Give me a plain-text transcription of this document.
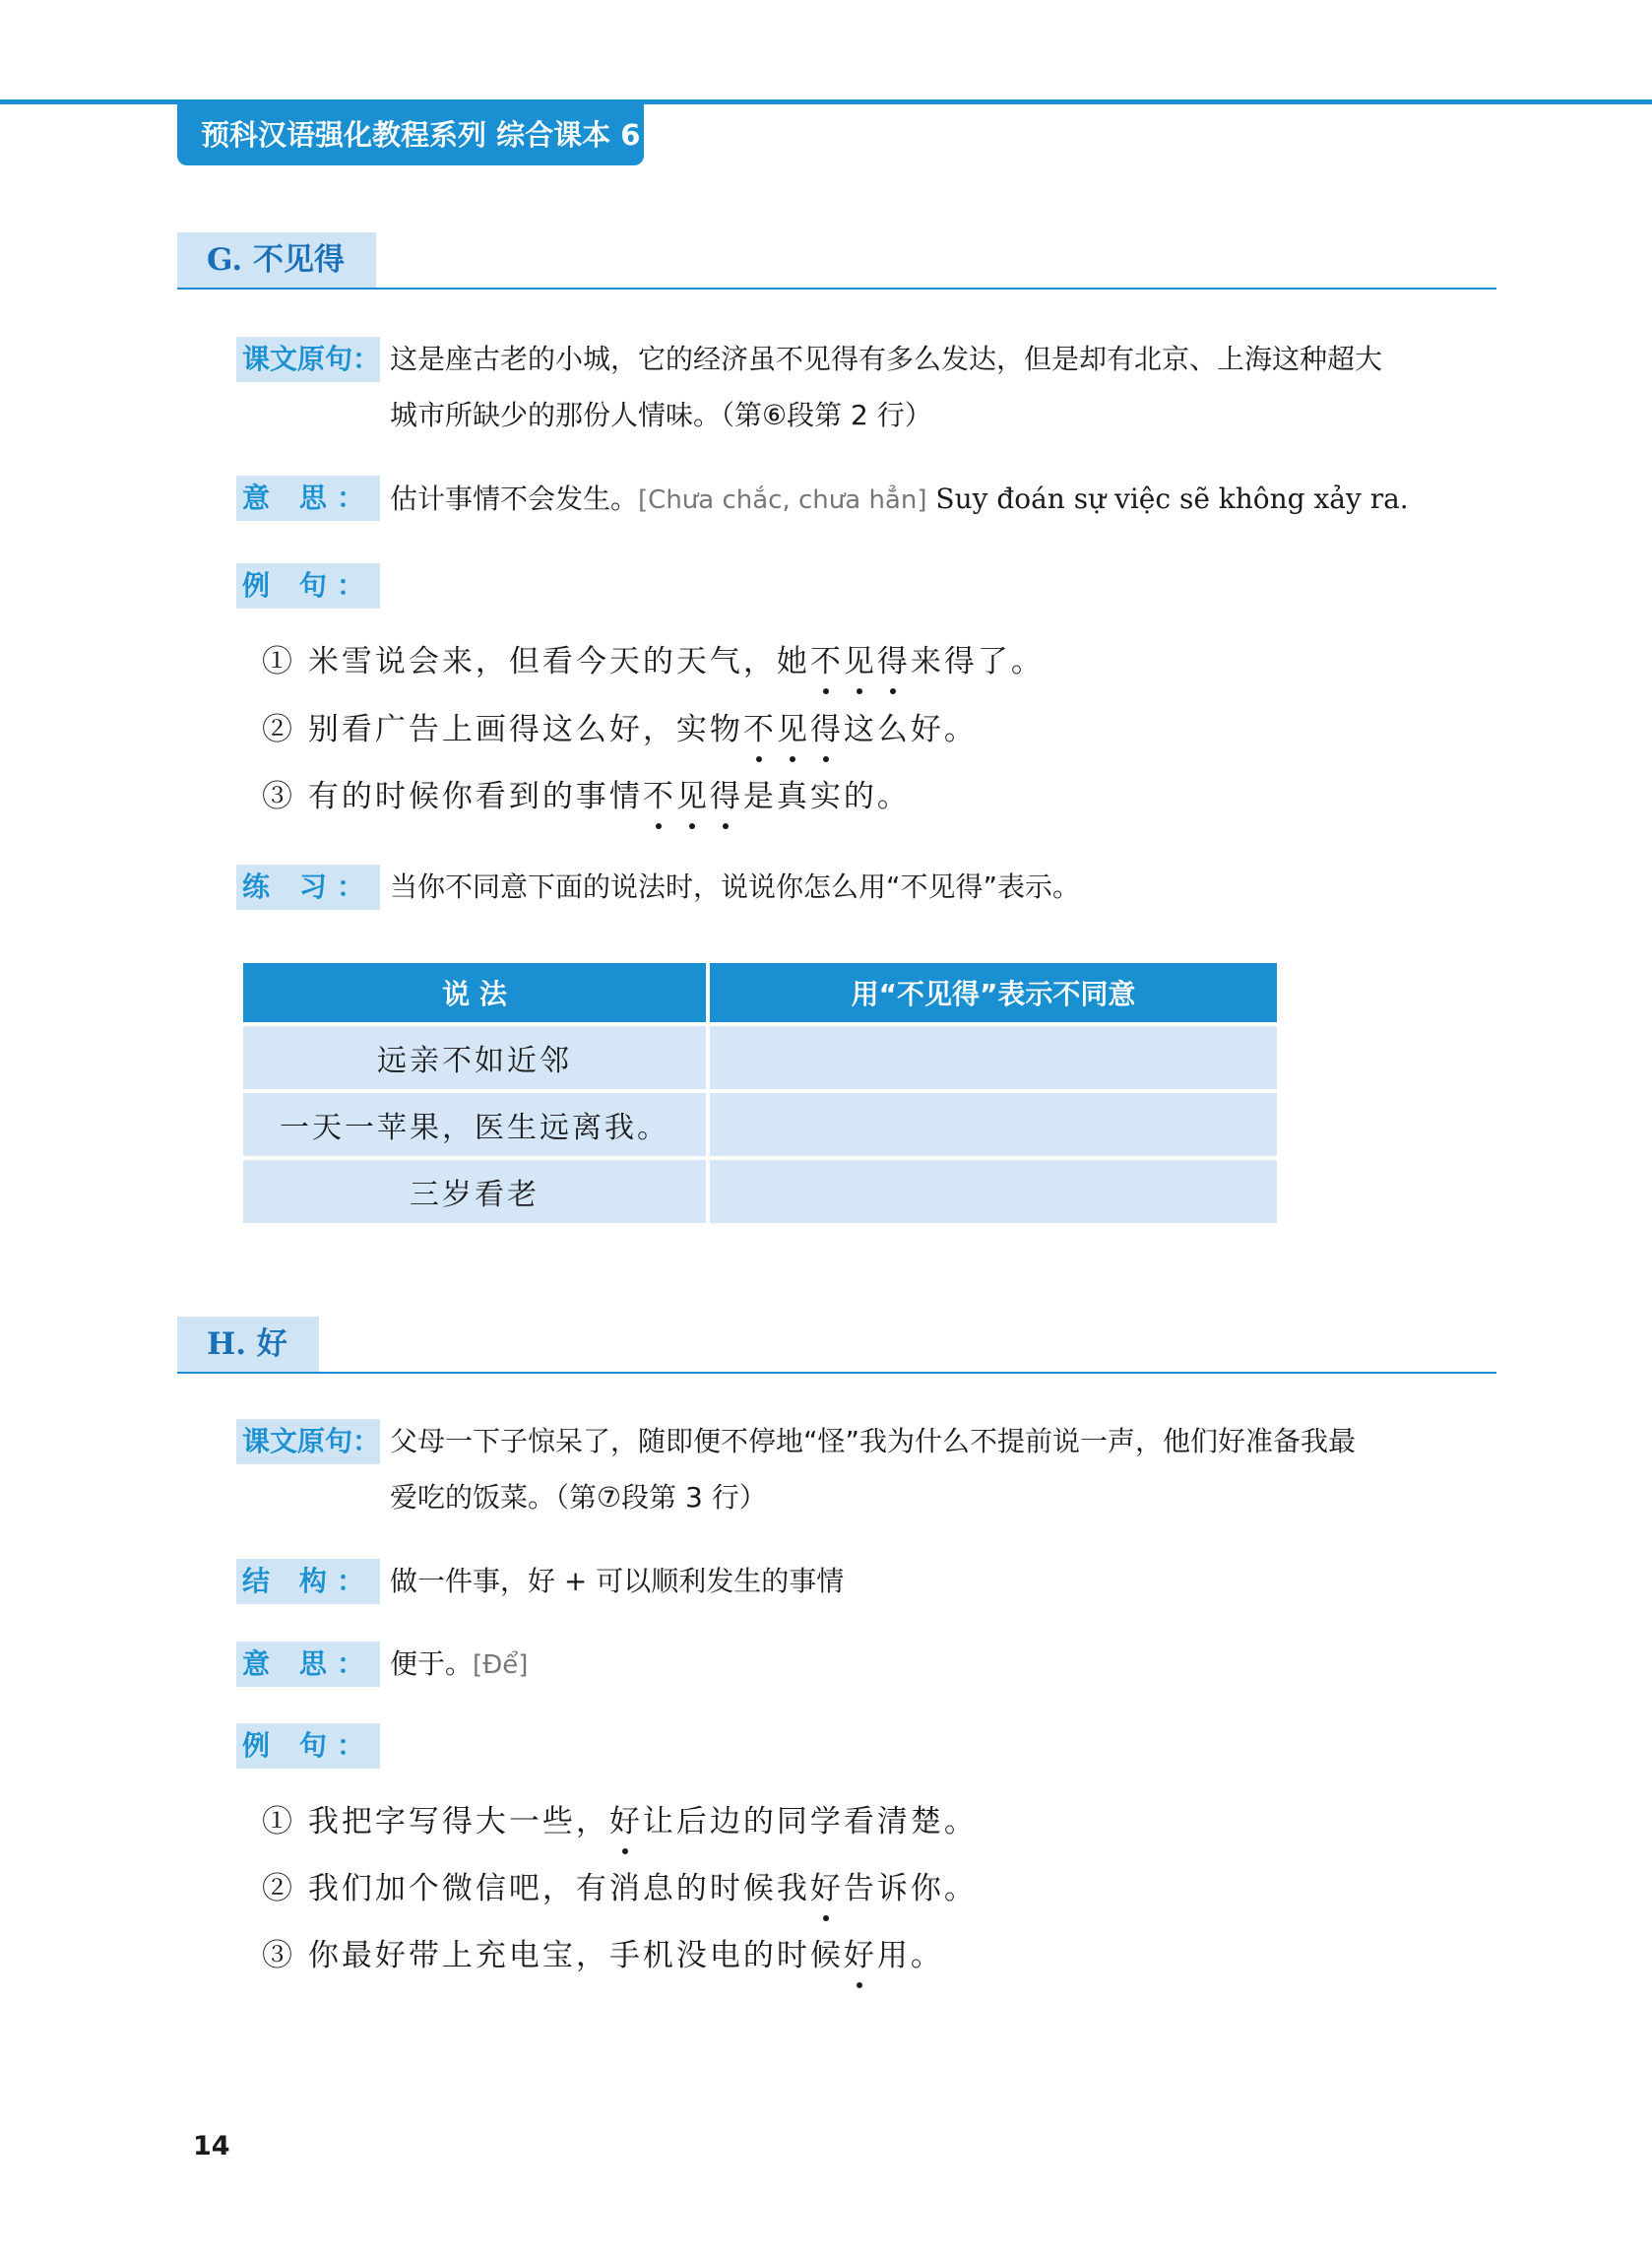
预科汉语强化教程系列 综合课本 6
G. 不见得
课文原句： 这是座古老的小城，它的经济虽不见得有多么发达，但是却有北京、上海这种超大
城市所缺少的那份人情味。（第⑥段第 2 行）
意 思： 估计事情不会发生。[Chưa chắc, chưa hẳn] Suy đoán sự việc sẽ không xảy ra.
例 句：
① 米雪说会来，但看今天的天气，她不见得来得了。
② 别看广告上画得这么好，实物不见得这么好。
③ 有的时候你看到的事情不见得是真实的。
练 习： 当你不同意下面的说法时，说说你怎么用“不见得”表示。
说 法	用“不见得”表示不同意
远亲不如近邻	
一天一苹果，医生远离我。	
三岁看老	
H. 好
课文原句： 父母一下子惊呆了，随即便不停地“怪”我为什么不提前说一声，他们好准备我最
爱吃的饭菜。（第⑦段第 3 行）
结 构： 做一件事，好 + 可以顺利发生的事情
意 思： 便于。[Để]
例 句：
① 我把字写得大一些，好让后边的同学看清楚。
② 我们加个微信吧，有消息的时候我好告诉你。
③ 你最好带上充电宝，手机没电的时候好用。
14
